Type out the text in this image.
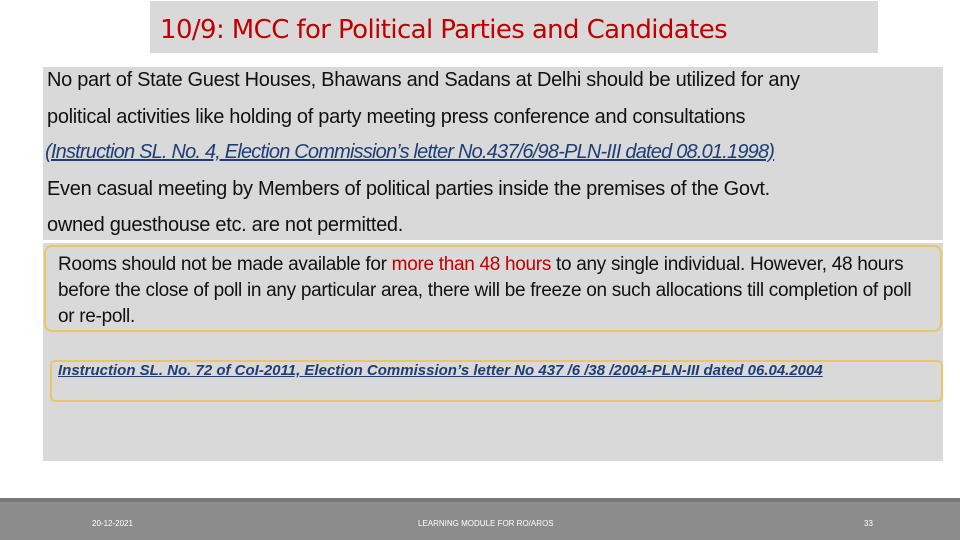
10/9: MCC for Political Parties and Candidates
No part of State Guest Houses, Bhawans and Sadans at Delhi should be utilized for any
political activities like holding of party meeting press conference and consultations
(Instruction SL. No. 4, Election Commission’s letter No.437/6/98-PLN-III dated 08.01.1998)
Even casual meeting by Members of political parties inside the premises of the Govt.
owned guesthouse etc. are not permitted.
Rooms should not be made available for more than 48 hours to any single individual. However, 48 hours before the close of poll in any particular area, there will be freeze on such allocations till completion of poll or re-poll.
Instruction SL. No. 72 of CoI-2011, Election Commission’s letter No 437 /6 /38 /2004-PLN-III dated 06.04.2004
20-12-2021	LEARNING MODULE FOR RO/AROS	33
